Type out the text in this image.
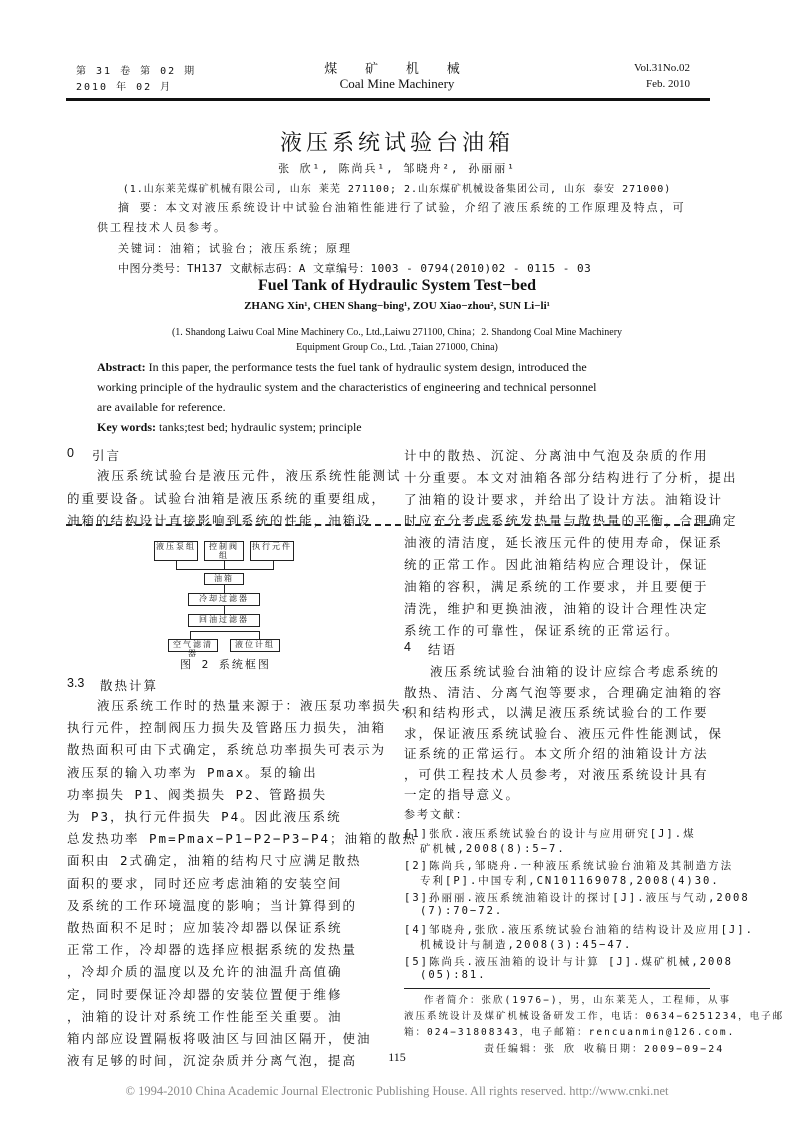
第 31 卷 第 02 期
2010 年 02 月
煤 矿 机 械
Coal Mine Machinery
Vol.31No.02
Feb. 2010
液压系统试验台油箱
张 欣¹, 陈尚兵¹, 邹晓舟², 孙丽丽¹
(1.山东莱芜煤矿机械有限公司, 山东 莱芜 271100; 2.山东煤矿机械设备集团公司, 山东 泰安 271000)
摘 要：本文对液压系统设计中试验台油箱性能进行了试验，介绍了液压系统的工作原理及特点，可
供工程技术人员参考。
关键词：油箱；试验台；液压系统；原理
中图分类号：TH137 文献标志码：A 文章编号：1003 - 0794(2010)02 - 0115 - 03
Fuel Tank of Hydraulic System Test−bed
ZHANG Xin¹, CHEN Shang−bing¹, ZOU Xiao−zhou², SUN Li−li¹
(1. Shandong Laiwu Coal Mine Machinery Co., Ltd.,Laiwu 271100, China；2. Shandong Coal Mine Machinery
Equipment Group Co., Ltd. ,Taian 271000, China)
Abstract: In this paper, the performance tests the fuel tank of hydraulic system design, introduced the
working principle of the hydraulic system and the characteristics of engineering and technical personnel
are available for reference.
Key words: tanks;test bed; hydraulic system; principle
0 引言
液压系统试验台是液压元件，液压系统性能测试
的重要设备。试验台油箱是液压系统的重要组成，
油箱的结构设计直接影响到系统的性能，油箱设
计中的散热、沉淀、分离油中气泡及杂质的作用
十分重要。本文对油箱各部分结构进行了分析，提出
了油箱的设计要求，并给出了设计方法。油箱设计
时应充分考虑系统发热量与散热量的平衡，合理确定
液压泵组	控制阀组
执行元件
油箱
冷却过滤器
回油过滤器
空气滤清器
液位计组
图 2 系统框图
3.3 散热计算
液压系统工作时的热量来源于：液压泵功率损失，
执行元件，控制阀压力损失及管路压力损失，油箱
散热面积可由下式确定，系统总功率损失可表示为
液压泵的输入功率为 Pmax。泵的输出
功率损失 P1、阀类损失 P2、管路损失
为 P3，执行元件损失 P4。因此液压系统
总发热功率 Pm=Pmax−P1−P2−P3−P4；油箱的散热
面积由 2式确定，油箱的结构尺寸应满足散热
面积的要求，同时还应考虑油箱的安装空间
及系统的工作环境温度的影响；当计算得到的
散热面积不足时；应加装冷却器以保证系统
正常工作，冷却器的选择应根据系统的发热量
，冷却介质的温度以及允许的油温升高值确
定，同时要保证冷却器的安装位置便于维修
，油箱的设计对系统工作性能至关重要。油
箱内部应设置隔板将吸油区与回油区隔开，使油
液有足够的时间，沉淀杂质并分离气泡，提高
油液的清洁度，延长液压元件的使用寿命，保证系
统的正常工作。因此油箱结构应合理设计，保证
油箱的容积，满足系统的工作要求，并且要便于
清洗，维护和更换油液，油箱的设计合理性决定
系统工作的可靠性，保证系统的正常运行。
4 结语
液压系统试验台油箱的设计应综合考虑系统的
散热、清洁、分离气泡等要求，合理确定油箱的容
积和结构形式，以满足液压系统试验台的工作要
求，保证液压系统试验台、液压元件性能测试，保
证系统的正常运行。本文所介绍的油箱设计方法
，可供工程技术人员参考，对液压系统设计具有
一定的指导意义。
参考文献：
[1]张欣.液压系统试验台的设计与应用研究[J].煤
矿机械,2008(8):5−7.
[2]陈尚兵,邹晓舟.一种液压系统试验台油箱及其制造方法
专利[P].中国专利,CN101169078,2008(4)30.
[3]孙丽丽.液压系统油箱设计的探讨[J].液压与气动,2008
(7):70−72.
[4]邹晓舟,张欣.液压系统试验台油箱的结构设计及应用[J].
机械设计与制造,2008(3):45−47.
[5]陈尚兵.液压油箱的设计与计算 [J].煤矿机械,2008
(05):81.
作者简介：张欣(1976−)，男，山东莱芜人，工程师，从事
液压系统设计及煤矿机械设备研发工作，电话：0634−6251234，电子邮
箱：024−31808343，电子邮箱：rencuanmin@126.com.
责任编辑：张 欣 收稿日期：2009−09−24
115
© 1994-2010 China Academic Journal Electronic Publishing House. All rights reserved. http://www.cnki.net
